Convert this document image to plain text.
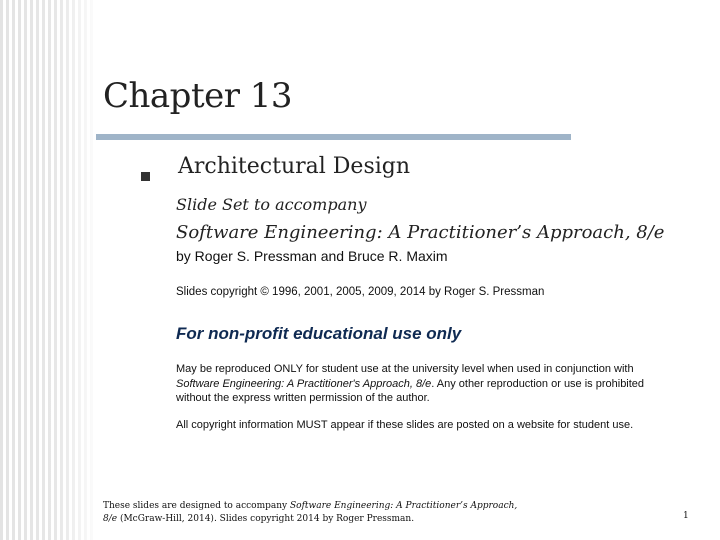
Chapter 13
Architectural Design
Slide Set to accompany
Software Engineering: A Practitioner’s Approach, 8/e
by Roger S. Pressman and Bruce R. Maxim
Slides copyright © 1996, 2001, 2005, 2009, 2014 by Roger S. Pressman
For non-profit educational use only
May be reproduced ONLY for student use at the university level when used in conjunction with Software Engineering: A Practitioner's Approach, 8/e. Any other reproduction or use is prohibited without the express written permission of the author.
All copyright information MUST appear if these slides are posted on a website for student use.
These slides are designed to accompany Software Engineering: A Practitioner’s Approach, 8/e (McGraw-Hill, 2014). Slides copyright 2014 by Roger Pressman.	1
